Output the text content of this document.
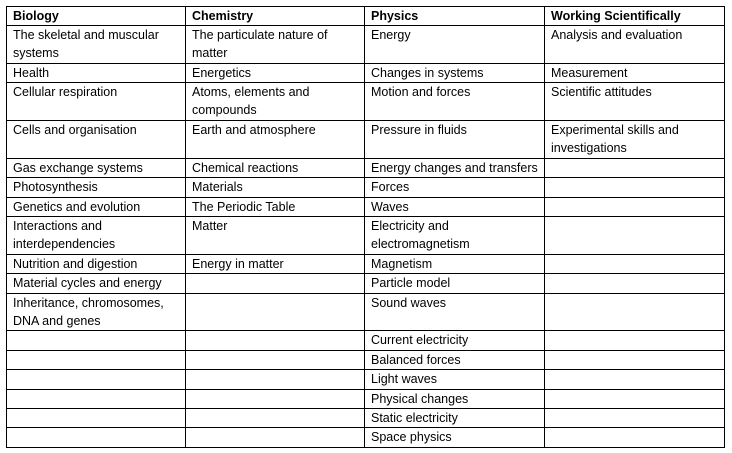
Biology	Chemistry	Physics	Working Scientifically
The skeletal and muscular systems	The particulate nature of matter	Energy	Analysis and evaluation
Health	Energetics	Changes in systems	Measurement
Cellular respiration	Atoms, elements and compounds	Motion and forces	Scientific attitudes
Cells and organisation	Earth and atmosphere	Pressure in fluids	Experimental skills and investigations
Gas exchange systems	Chemical reactions	Energy changes and transfers	
Photosynthesis	Materials	Forces	
Genetics and evolution	The Periodic Table	Waves	
Interactions and interdependencies	Matter	Electricity and electromagnetism	
Nutrition and digestion	Energy in matter	Magnetism	
Material cycles and energy		Particle model	
Inheritance, chromosomes, DNA and genes		Sound waves	
		Current electricity	
		Balanced forces	
		Light waves	
		Physical changes	
		Static electricity	
		Space physics	
